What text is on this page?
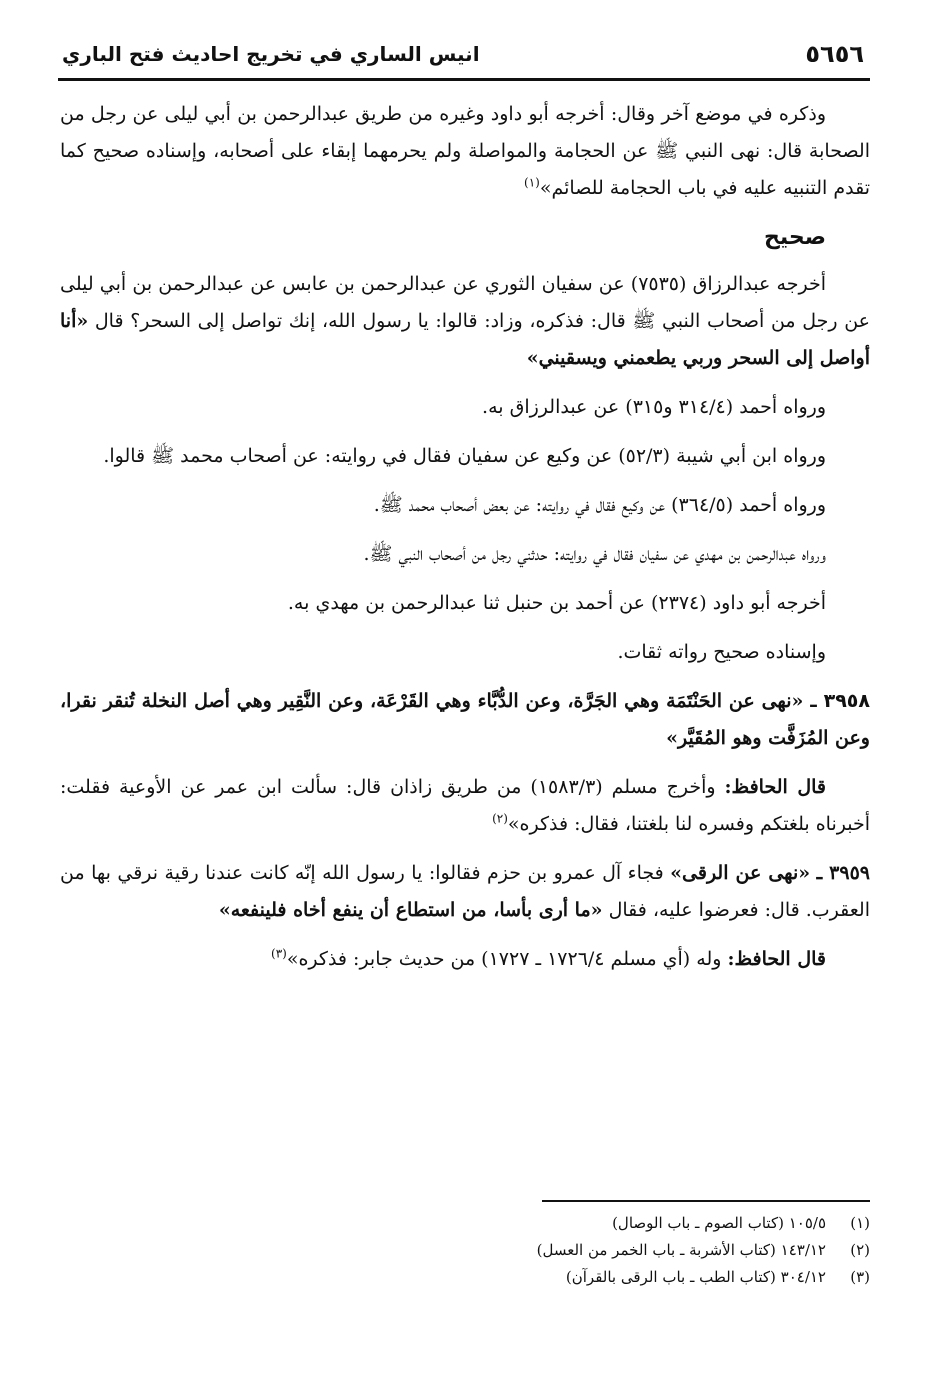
٥٦٥٦
انيس الساري في تخريج احاديث فتح الباري

وذكره في موضع آخر وقال: أخرجه أبو داود وغيره من طريق عبدالرحمن بن أبي ليلى عن رجل من الصحابة قال: نهى النبي ﷺ عن الحجامة والمواصلة ولم يحرمهما إبقاء على أصحابه، وإسناده صحيح كما تقدم التنبيه عليه في باب الحجامة للصائم»$^{(١)}$

صحيح

أخرجه عبدالرزاق (٧٥٣٥) عن سفيان الثوري عن عبدالرحمن بن عابس عن عبدالرحمن بن أبي ليلى عن رجل من أصحاب النبي ﷺ قال: فذكره، وزاد: قالوا: يا رسول الله، إنك تواصل إلى السحر؟ قال «أنا أواصل إلى السحر وربي يطعمني ويسقيني»

ورواه أحمد (٣١٤/٤ و٣١٥) عن عبدالرزاق به.

ورواه ابن أبي شيبة (٥٢/٣) عن وكيع عن سفيان فقال في روايته: عن أصحاب محمد ﷺ قالوا.

ورواه أحمد (٣٦٤/٥) عن وكيع فقال في روايته: عن بعض أصحاب محمد ﷺ.

ورواه عبدالرحمن بن مهدي عن سفيان فقال في روايته: حدثني رجل من أصحاب النبي ﷺ.

أخرجه أبو داود (٢٣٧٤) عن أحمد بن حنبل ثنا عبدالرحمن بن مهدي به.

وإسناده صحيح رواته ثقات.

٣٩٥٨ ـ «نهى عن الحَنْتَمَة وهي الجَرَّة، وعن الدُّبَّاء وهي القَرْعَة، وعن النَّقِير وهي أصل النخلة تُنقر نقرا، وعن المُزَفَّت وهو المُقَيَّر»

قال الحافظ: وأخرج مسلم (١٥٨٣/٣) من طريق زاذان قال: سألت ابن عمر عن الأوعية فقلت: أخبرناه بلغتكم وفسره لنا بلغتنا، فقال: فذكره»$^{(٢)}$

٣٩٥٩ ـ «نهى عن الرقى» فجاء آل عمرو بن حزم فقالوا: يا رسول الله إنّه كانت عندنا رقية نرقي بها من العقرب. قال: فعرضوا عليه، فقال «ما أرى بأسا، من استطاع أن ينفع أخاه فلينفعه»

قال الحافظ: وله (أي مسلم ١٧٢٦/٤ ـ ١٧٢٧) من حديث جابر: فذكره»$^{(٣)}$

(١)١٠٥/٥ (كتاب الصوم ـ باب الوصال)
(٢)١٤٣/١٢ (كتاب الأشربة ـ باب الخمر من العسل)
(٣)٣٠٤/١٢ (كتاب الطب ـ باب الرقى بالقرآن)
